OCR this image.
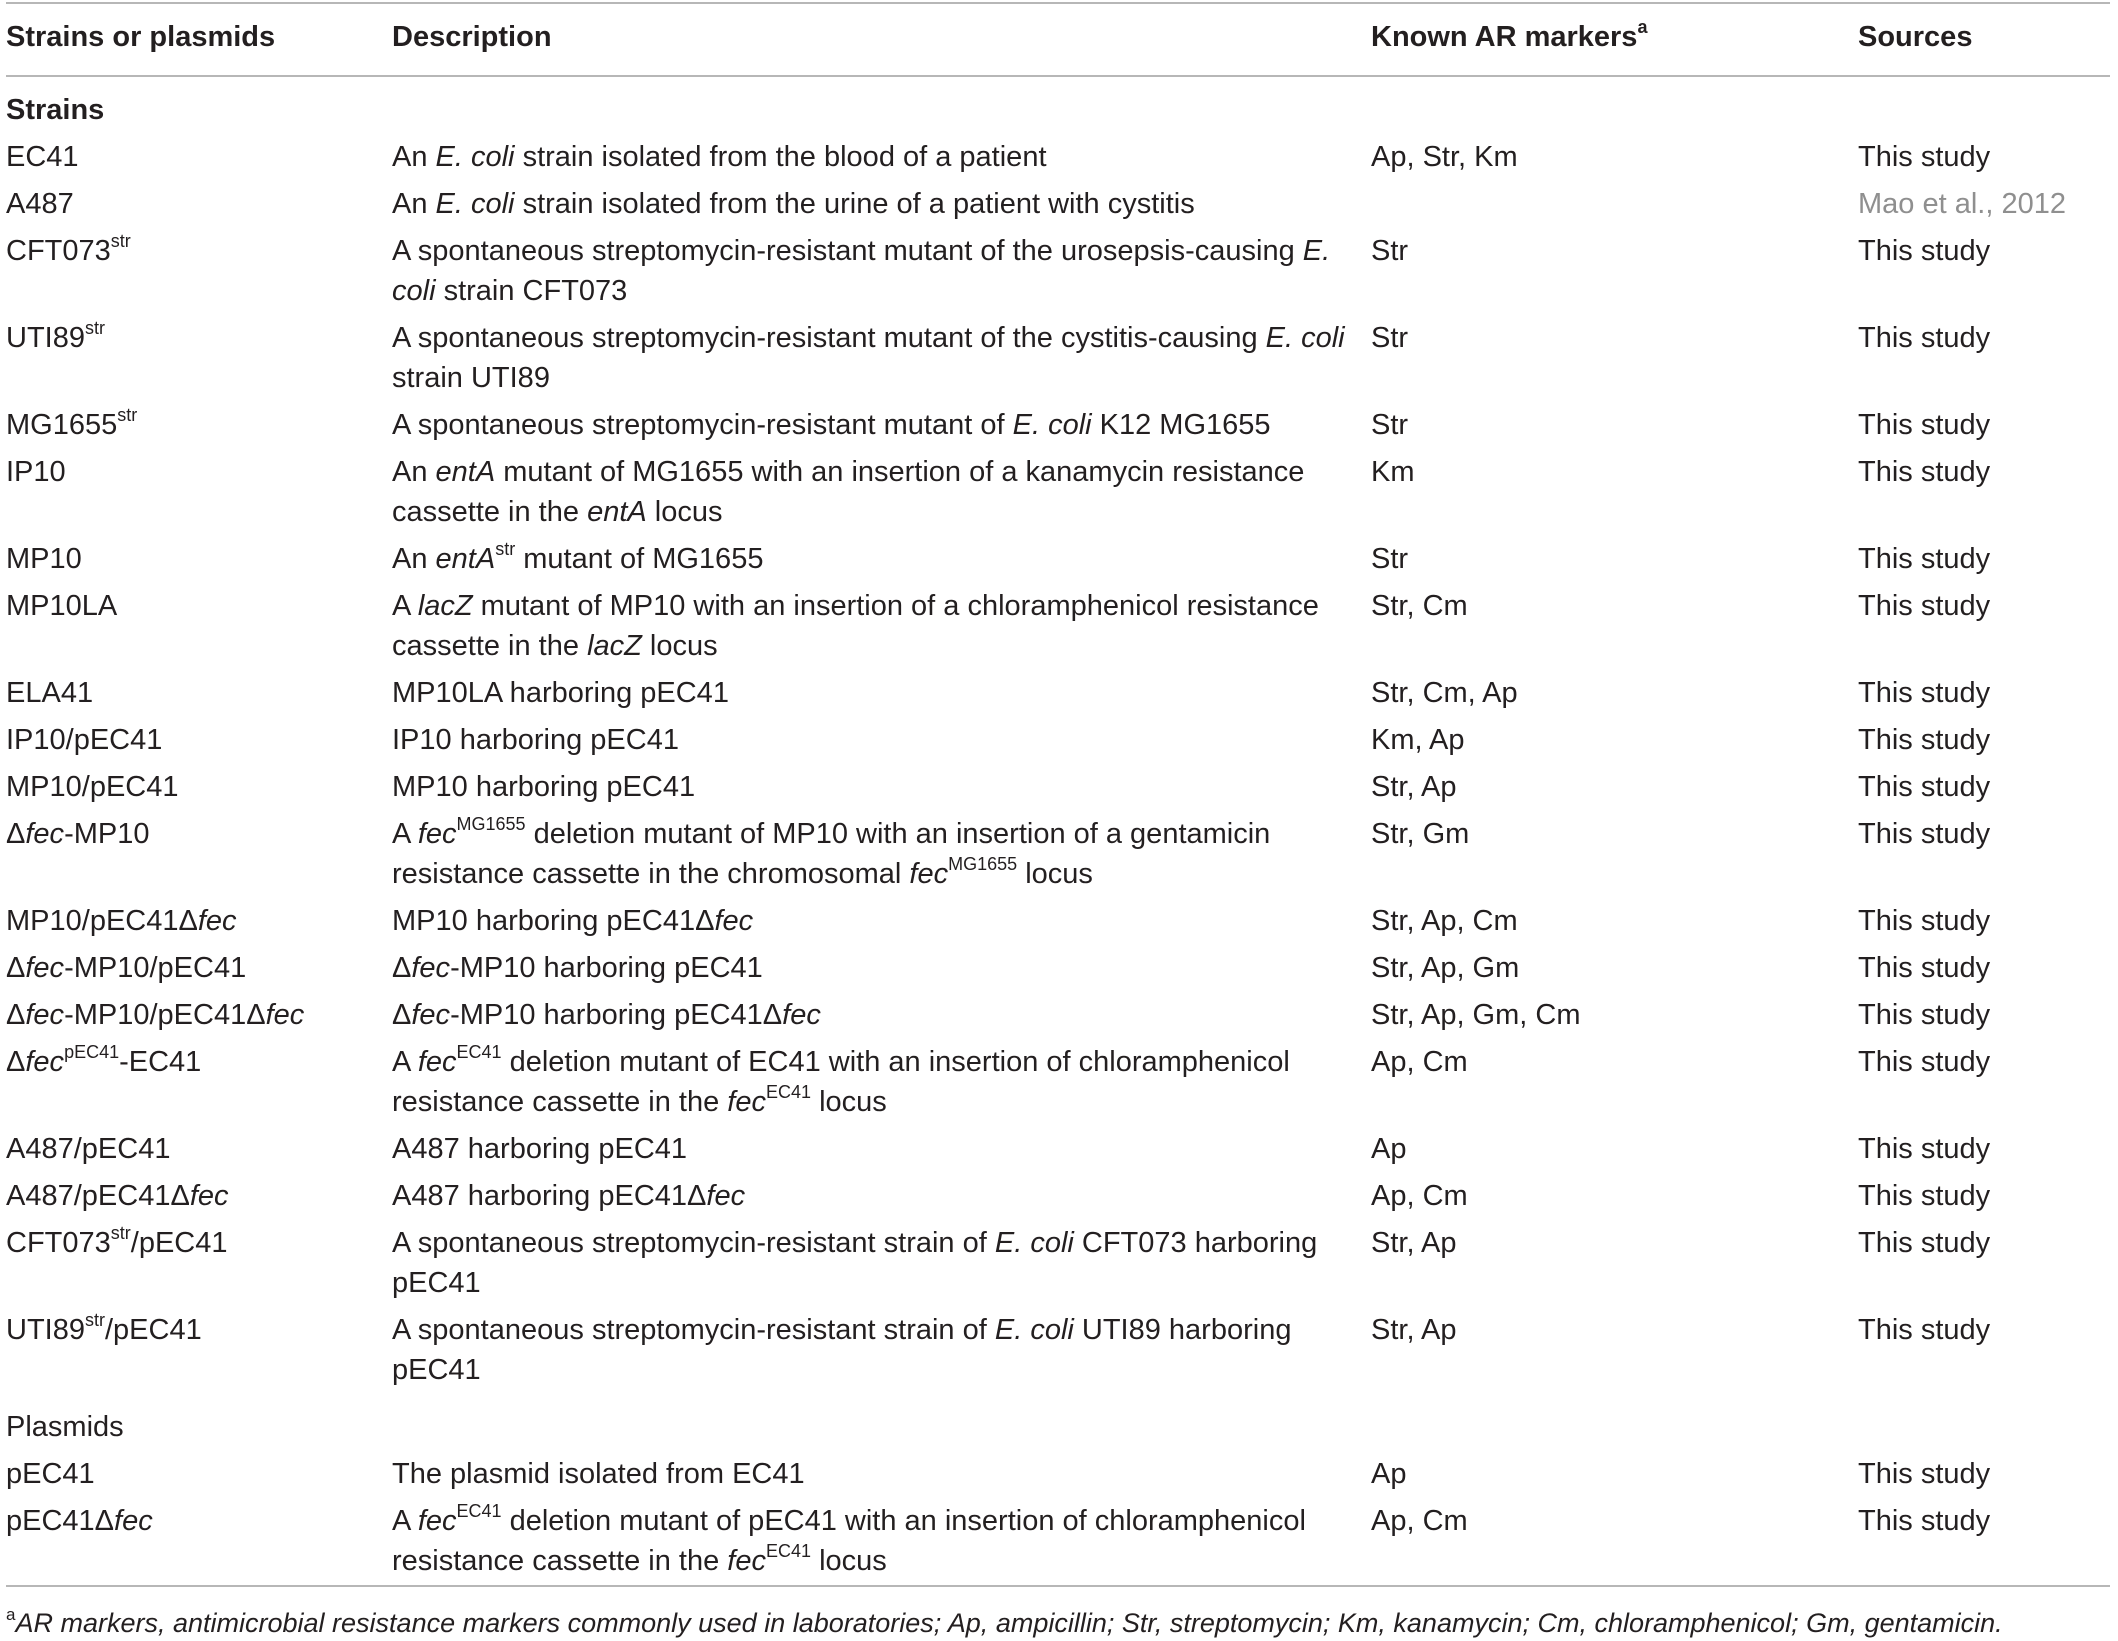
Strains or plasmids	Description	Known AR markers$^a$	Sources
Strains			
EC41	An E. coli strain isolated from the blood of a patient	Ap, Str, Km	This study
A487	An E. coli strain isolated from the urine of a patient with cystitis		Mao et al., 2012
$CFT073^{str}$	A spontaneous streptomycin-resistant mutant of the urosepsis-causing E. coli strain CFT073	Str	This study
$UTI89^{str}$	A spontaneous streptomycin-resistant mutant of the cystitis-causing E. coli strain UTI89	Str	This study
$MG1655^{str}$	A spontaneous streptomycin-resistant mutant of E. coli K12 MG1655	Str	This study
IP10	An entA mutant of MG1655 with an insertion of a kanamycin resistance cassette in the entA locus	Km	This study
MP10	An entA$^{str}$ mutant of MG1655	Str	This study
MP10LA	A lacZ mutant of MP10 with an insertion of a chloramphenicol resistance cassette in the lacZ locus	Str, Cm	This study
ELA41	MP10LA harboring pEC41	Str, Cm, Ap	This study
IP10/pEC41	IP10 harboring pEC41	Km, Ap	This study
MP10/pEC41	MP10 harboring pEC41	Str, Ap	This study
Δfec-MP10	A fec$^{MG1655}$ deletion mutant of MP10 with an insertion of a gentamicin resistance cassette in the chromosomal fec$^{MG1655}$ locus	Str, Gm	This study
MP10/pEC41Δfec	MP10 harboring pEC41Δfec	Str, Ap, Cm	This study
Δfec-MP10/pEC41	Δfec-MP10 harboring pEC41	Str, Ap, Gm	This study
Δfec-MP10/pEC41Δfec	Δfec-MP10 harboring pEC41Δfec	Str, Ap, Gm, Cm	This study
Δfec$^{pEC41}$-EC41	A fec$^{EC41}$ deletion mutant of EC41 with an insertion of chloramphenicol resistance cassette in the fec$^{EC41}$ locus	Ap, Cm	This study
A487/pEC41	A487 harboring pEC41	Ap	This study
A487/pEC41Δfec	A487 harboring pEC41Δfec	Ap, Cm	This study
$CFT073^{str}/pEC41$	A spontaneous streptomycin-resistant strain of E. coli CFT073 harboring pEC41	Str, Ap	This study
$UTI89^{str}/pEC41$	A spontaneous streptomycin-resistant strain of E. coli UTI89 harboring pEC41	Str, Ap	This study
Plasmids			
pEC41	The plasmid isolated from EC41	Ap	This study
pEC41Δfec	A fec$^{EC41}$ deletion mutant of pEC41 with an insertion of chloramphenicol resistance cassette in the fec$^{EC41}$ locus	Ap, Cm	This study
$^a$AR markers, antimicrobial resistance markers commonly used in laboratories; Ap, ampicillin; Str, streptomycin; Km, kanamycin; Cm, chloramphenicol; Gm, gentamicin.
